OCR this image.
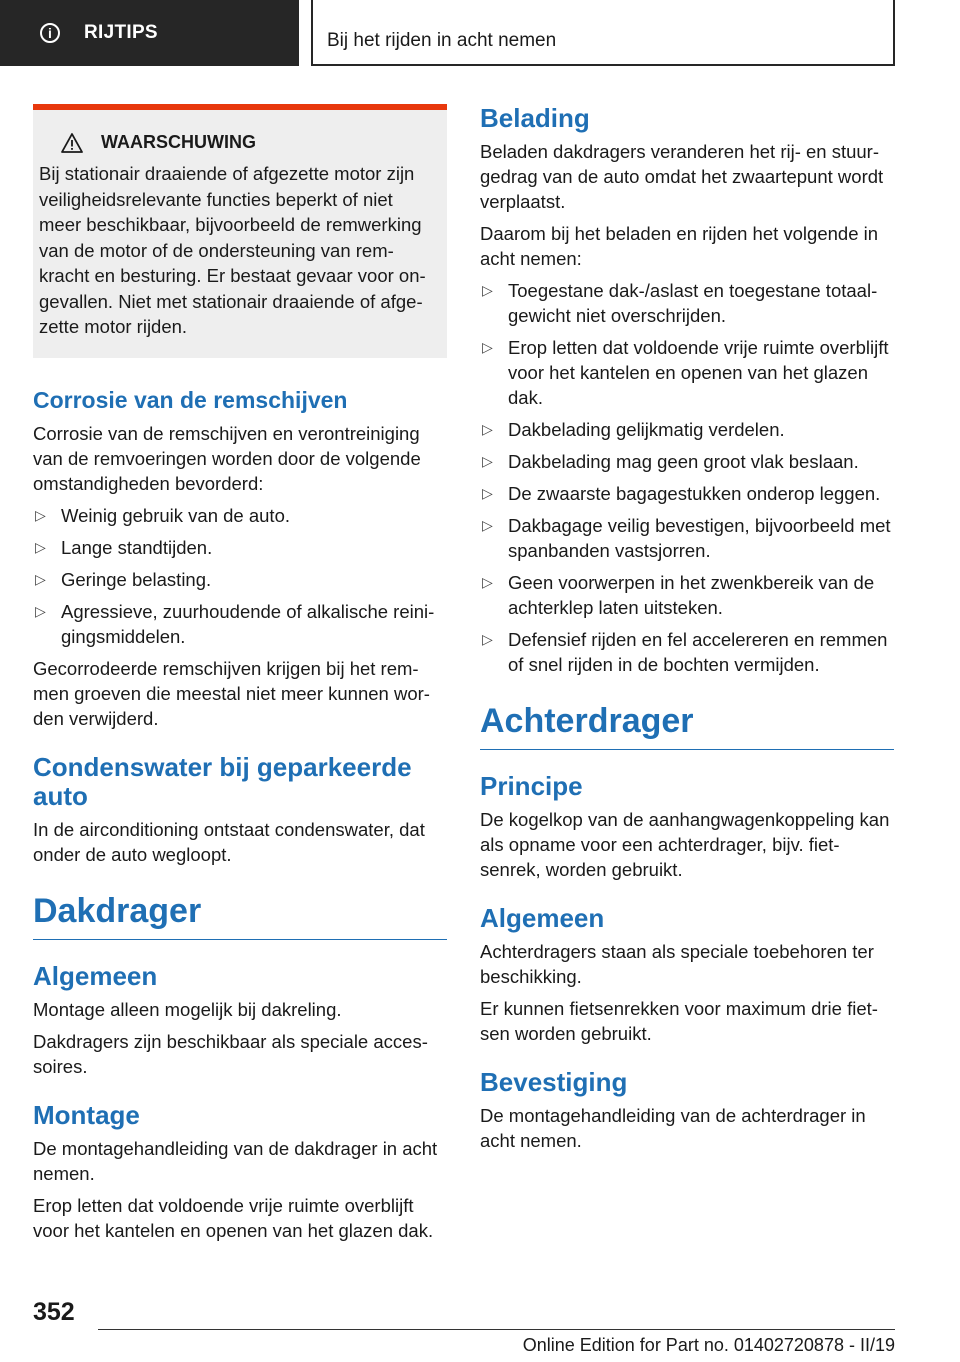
i	RIJTIPS	Bij het rijden in acht nemen
WAARSCHUWING

Bij stationair draaiende of afgezette motor zijn veiligheidsrelevante functies beperkt of niet meer beschikbaar, bijvoorbeeld de remwerking van de motor of de ondersteuning van remkracht en besturing. Er bestaat gevaar voor ongevallen. Niet met stationair draaiende of afgezette motor rijden.

Corrosie van de remschijven

Corrosie van de remschijven en verontreiniging van de remvoeringen worden door de volgende omstandigheden bevorderd:

▷ Weinig gebruik van de auto.
▷ Lange standtijden.
▷ Geringe belasting.
▷ Agressieve, zuurhoudende of alkalische reinigingsmiddelen.

Gecorrodeerde remschijven krijgen bij het remmen groeven die meestal niet meer kunnen worden verwijderd.

Condenswater bij geparkeerde auto

In de airconditioning ontstaat condenswater, dat onder de auto wegloopt.

Dakdrager
Algemeen

Montage alleen mogelijk bij dakreling.

Dakdragers zijn beschikbaar als speciale accessoires.

Montage

De montagehandleiding van de dakdrager in acht nemen.

Erop letten dat voldoende vrije ruimte overblijft voor het kantelen en openen van het glazen dak.

Belading

Beladen dakdragers veranderen het rij- en stuurgedrag van de auto omdat het zwaartepunt wordt verplaatst.

Daarom bij het beladen en rijden het volgende in acht nemen:

▷ Toegestane dak-/aslast en toegestane totaalgewicht niet overschrijden.
▷ Erop letten dat voldoende vrije ruimte overblijft voor het kantelen en openen van het glazen dak.
▷ Dakbelading gelijkmatig verdelen.
▷ Dakbelading mag geen groot vlak beslaan.
▷ De zwaarste bagagestukken onderop leggen.
▷ Dakbagage veilig bevestigen, bijvoorbeeld met spanbanden vastsjorren.
▷ Geen voorwerpen in het zwenkbereik van de achterklep laten uitsteken.
▷ Defensief rijden en fel accelereren en remmen of snel rijden in de bochten vermijden.
Achterdrager
Principe

De kogelkop van de aanhangwagenkoppeling kan als opname voor een achterdrager, bijv. fietsenrek, worden gebruikt.

Algemeen

Achterdragers staan als speciale toebehoren ter beschikking.

Er kunnen fietsenrekken voor maximum drie fietsen worden gebruikt.

Bevestiging

De montagehandleiding van de achterdrager in acht nemen.

352
Online Edition for Part no. 01402720878 - II/19
